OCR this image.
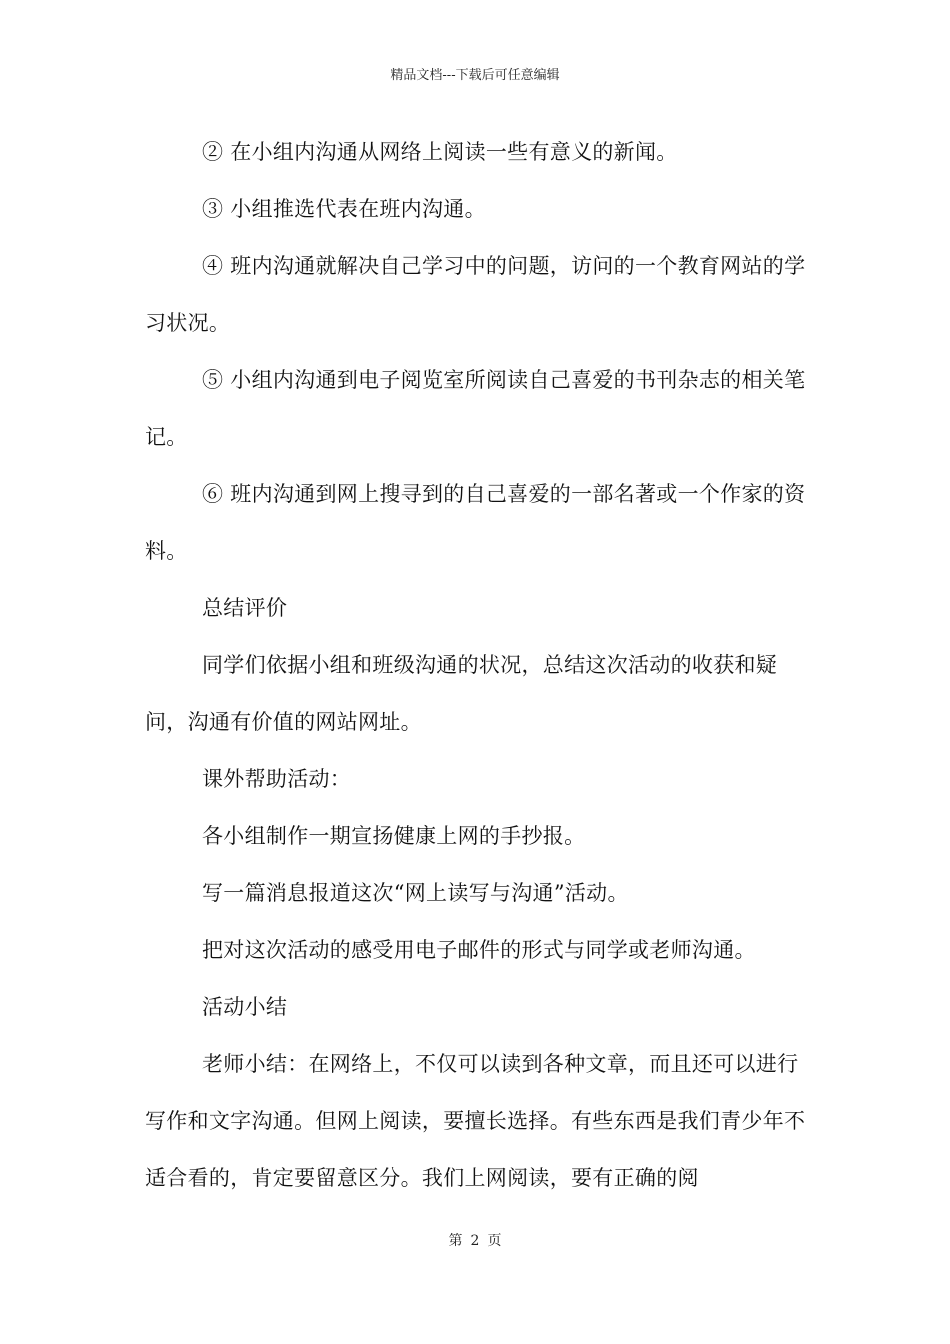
精品文档---下载后可任意编辑

② 在小组内沟通从网络上阅读一些有意义的新闻。

③ 小组推选代表在班内沟通。

④ 班内沟通就解决自己学习中的问题，访问的一个教育网站的学习状况。

⑤ 小组内沟通到电子阅览室所阅读自己喜爱的书刊杂志的相关笔记。

⑥ 班内沟通到网上搜寻到的自己喜爱的一部名著或一个作家的资料。

总结评价

同学们依据小组和班级沟通的状况，总结这次活动的收获和疑问，沟通有价值的网站网址。

课外帮助活动：

各小组制作一期宣扬健康上网的手抄报。

写一篇消息报道这次“网上读写与沟通”活动。

把对这次活动的感受用电子邮件的形式与同学或老师沟通。

活动小结

老师小结：在网络上，不仅可以读到各种文章，而且还可以进行写作和文字沟通。但网上阅读，要擅长选择。有些东西是我们青少年不适合看的，肯定要留意区分。我们上网阅读，要有正确的阅

第 2 页
